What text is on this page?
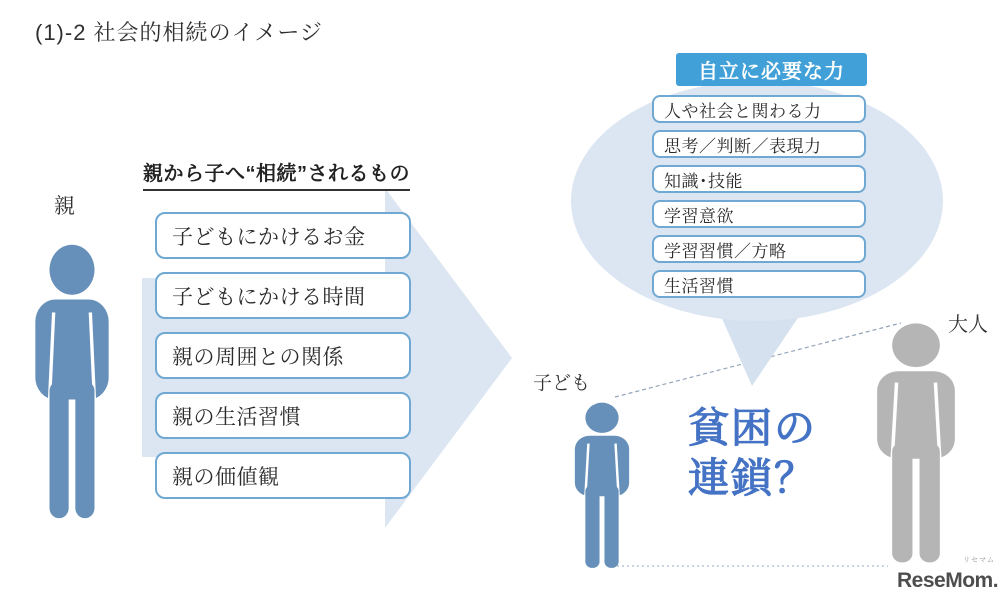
(1)-2 社会的相続のイメージ
親
親から子へ“相続”されるもの
子どもにかけるお金
子どもにかける時間
親の周囲との関係
親の生活習慣
親の価値観
自立に必要な力
人や社会と関わる力
思考／判断／表現力
知識･技能
学習意欲
学習習慣／方略
生活習慣
子ども
大人
貧困の
連鎖？
リセマム
ReseMom.
